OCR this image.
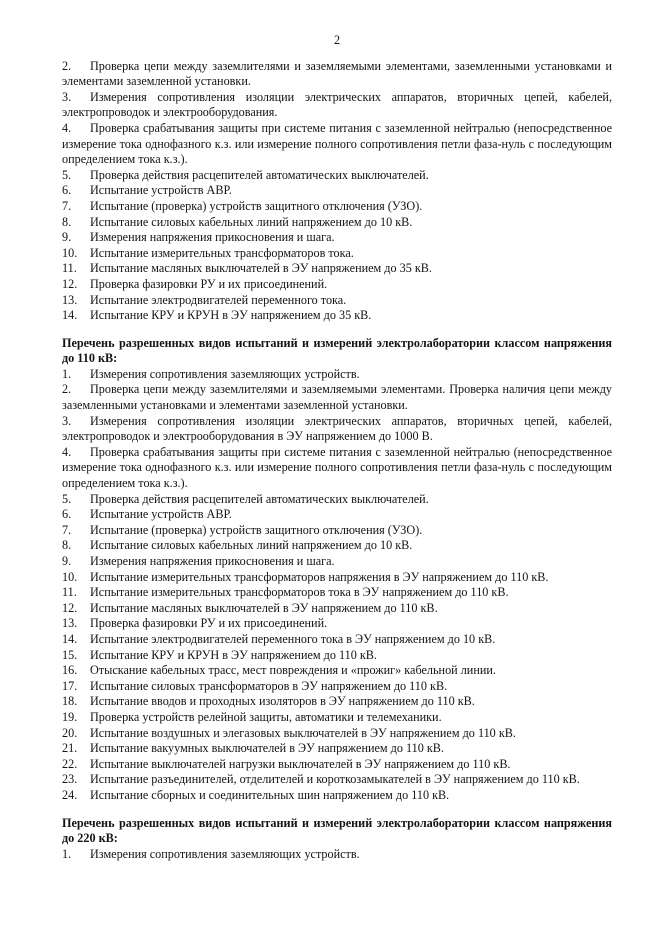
2
2. Проверка цепи между заземлителями и заземляемыми элементами, заземленными установками и элементами заземленной установки.
3. Измерения сопротивления изоляции электрических аппаратов, вторичных цепей, кабелей, электропроводок и электрооборудования.
4. Проверка срабатывания защиты при системе питания с заземленной нейтралью (непосредственное измерение тока однофазного к.з. или измерение полного сопротивления петли фаза-нуль с последующим определением тока к.з.).
5.	Проверка действия расцепителей автоматических выключателей.
6.	Испытание устройств АВР.
7.	Испытание (проверка) устройств защитного отключения (УЗО).
8.	Испытание силовых кабельных линий напряжением до 10 кВ.
9.	Измерения напряжения прикосновения и шага.
10.	Испытание измерительных трансформаторов тока.
11.	Испытание масляных выключателей в ЭУ напряжением до 35 кВ.
12.	Проверка фазировки РУ и их присоединений.
13.	Испытание электродвигателей переменного тока.
14.	Испытание КРУ и КРУН в ЭУ напряжением до 35 кВ.
Перечень разрешенных видов испытаний и измерений электролаборатории классом напряжения до 110 кВ:
1.	Измерения сопротивления заземляющих устройств.
2. Проверка цепи между заземлителями и заземляемыми элементами. Проверка наличия цепи между заземленными установками и элементами заземленной установки.
3. Измерения сопротивления изоляции электрических аппаратов, вторичных цепей, кабелей, электропроводок и электрооборудования в ЭУ напряжением до 1000 В.
4. Проверка срабатывания защиты при системе питания с заземленной нейтралью (непосредственное измерение тока однофазного к.з. или измерение полного сопротивления петли фаза-нуль с последующим определением тока к.з.).
5.	Проверка действия расцепителей автоматических выключателей.
6.	Испытание устройств АВР.
7.	Испытание (проверка) устройств защитного отключения (УЗО).
8.	Испытание силовых кабельных линий напряжением до 10 кВ.
9.	Измерения напряжения прикосновения и шага.
10.	Испытание измерительных трансформаторов напряжения в ЭУ напряжением до 110 кВ.
11.	Испытание измерительных трансформаторов тока в ЭУ напряжением до 110 кВ.
12.	Испытание масляных выключателей в ЭУ напряжением до 110 кВ.
13.	Проверка фазировки РУ и их присоединений.
14.	Испытание электродвигателей переменного тока в ЭУ напряжением до 10 кВ.
15.	Испытание КРУ и КРУН в ЭУ напряжением до 110 кВ.
16.	Отыскание кабельных трасс, мест повреждения и «прожиг» кабельной линии.
17.	Испытание силовых трансформаторов в ЭУ напряжением до 110 кВ.
18.	Испытание вводов и проходных изоляторов в ЭУ напряжением до 110 кВ.
19.	Проверка устройств релейной защиты, автоматики и телемеханики.
20.	Испытание воздушных и элегазовых выключателей в ЭУ напряжением до 110 кВ.
21.	Испытание вакуумных выключателей в ЭУ напряжением до 110 кВ.
22.	Испытание выключателей нагрузки выключателей в ЭУ напряжением до 110 кВ.
23. Испытание разъединителей, отделителей и короткозамыкателей в ЭУ напряжением до 110 кВ.
24.	Испытание сборных и соединительных шин напряжением до 110 кВ.
Перечень разрешенных видов испытаний и измерений электролаборатории классом напряжения до 220 кВ:
1.	Измерения сопротивления заземляющих устройств.
